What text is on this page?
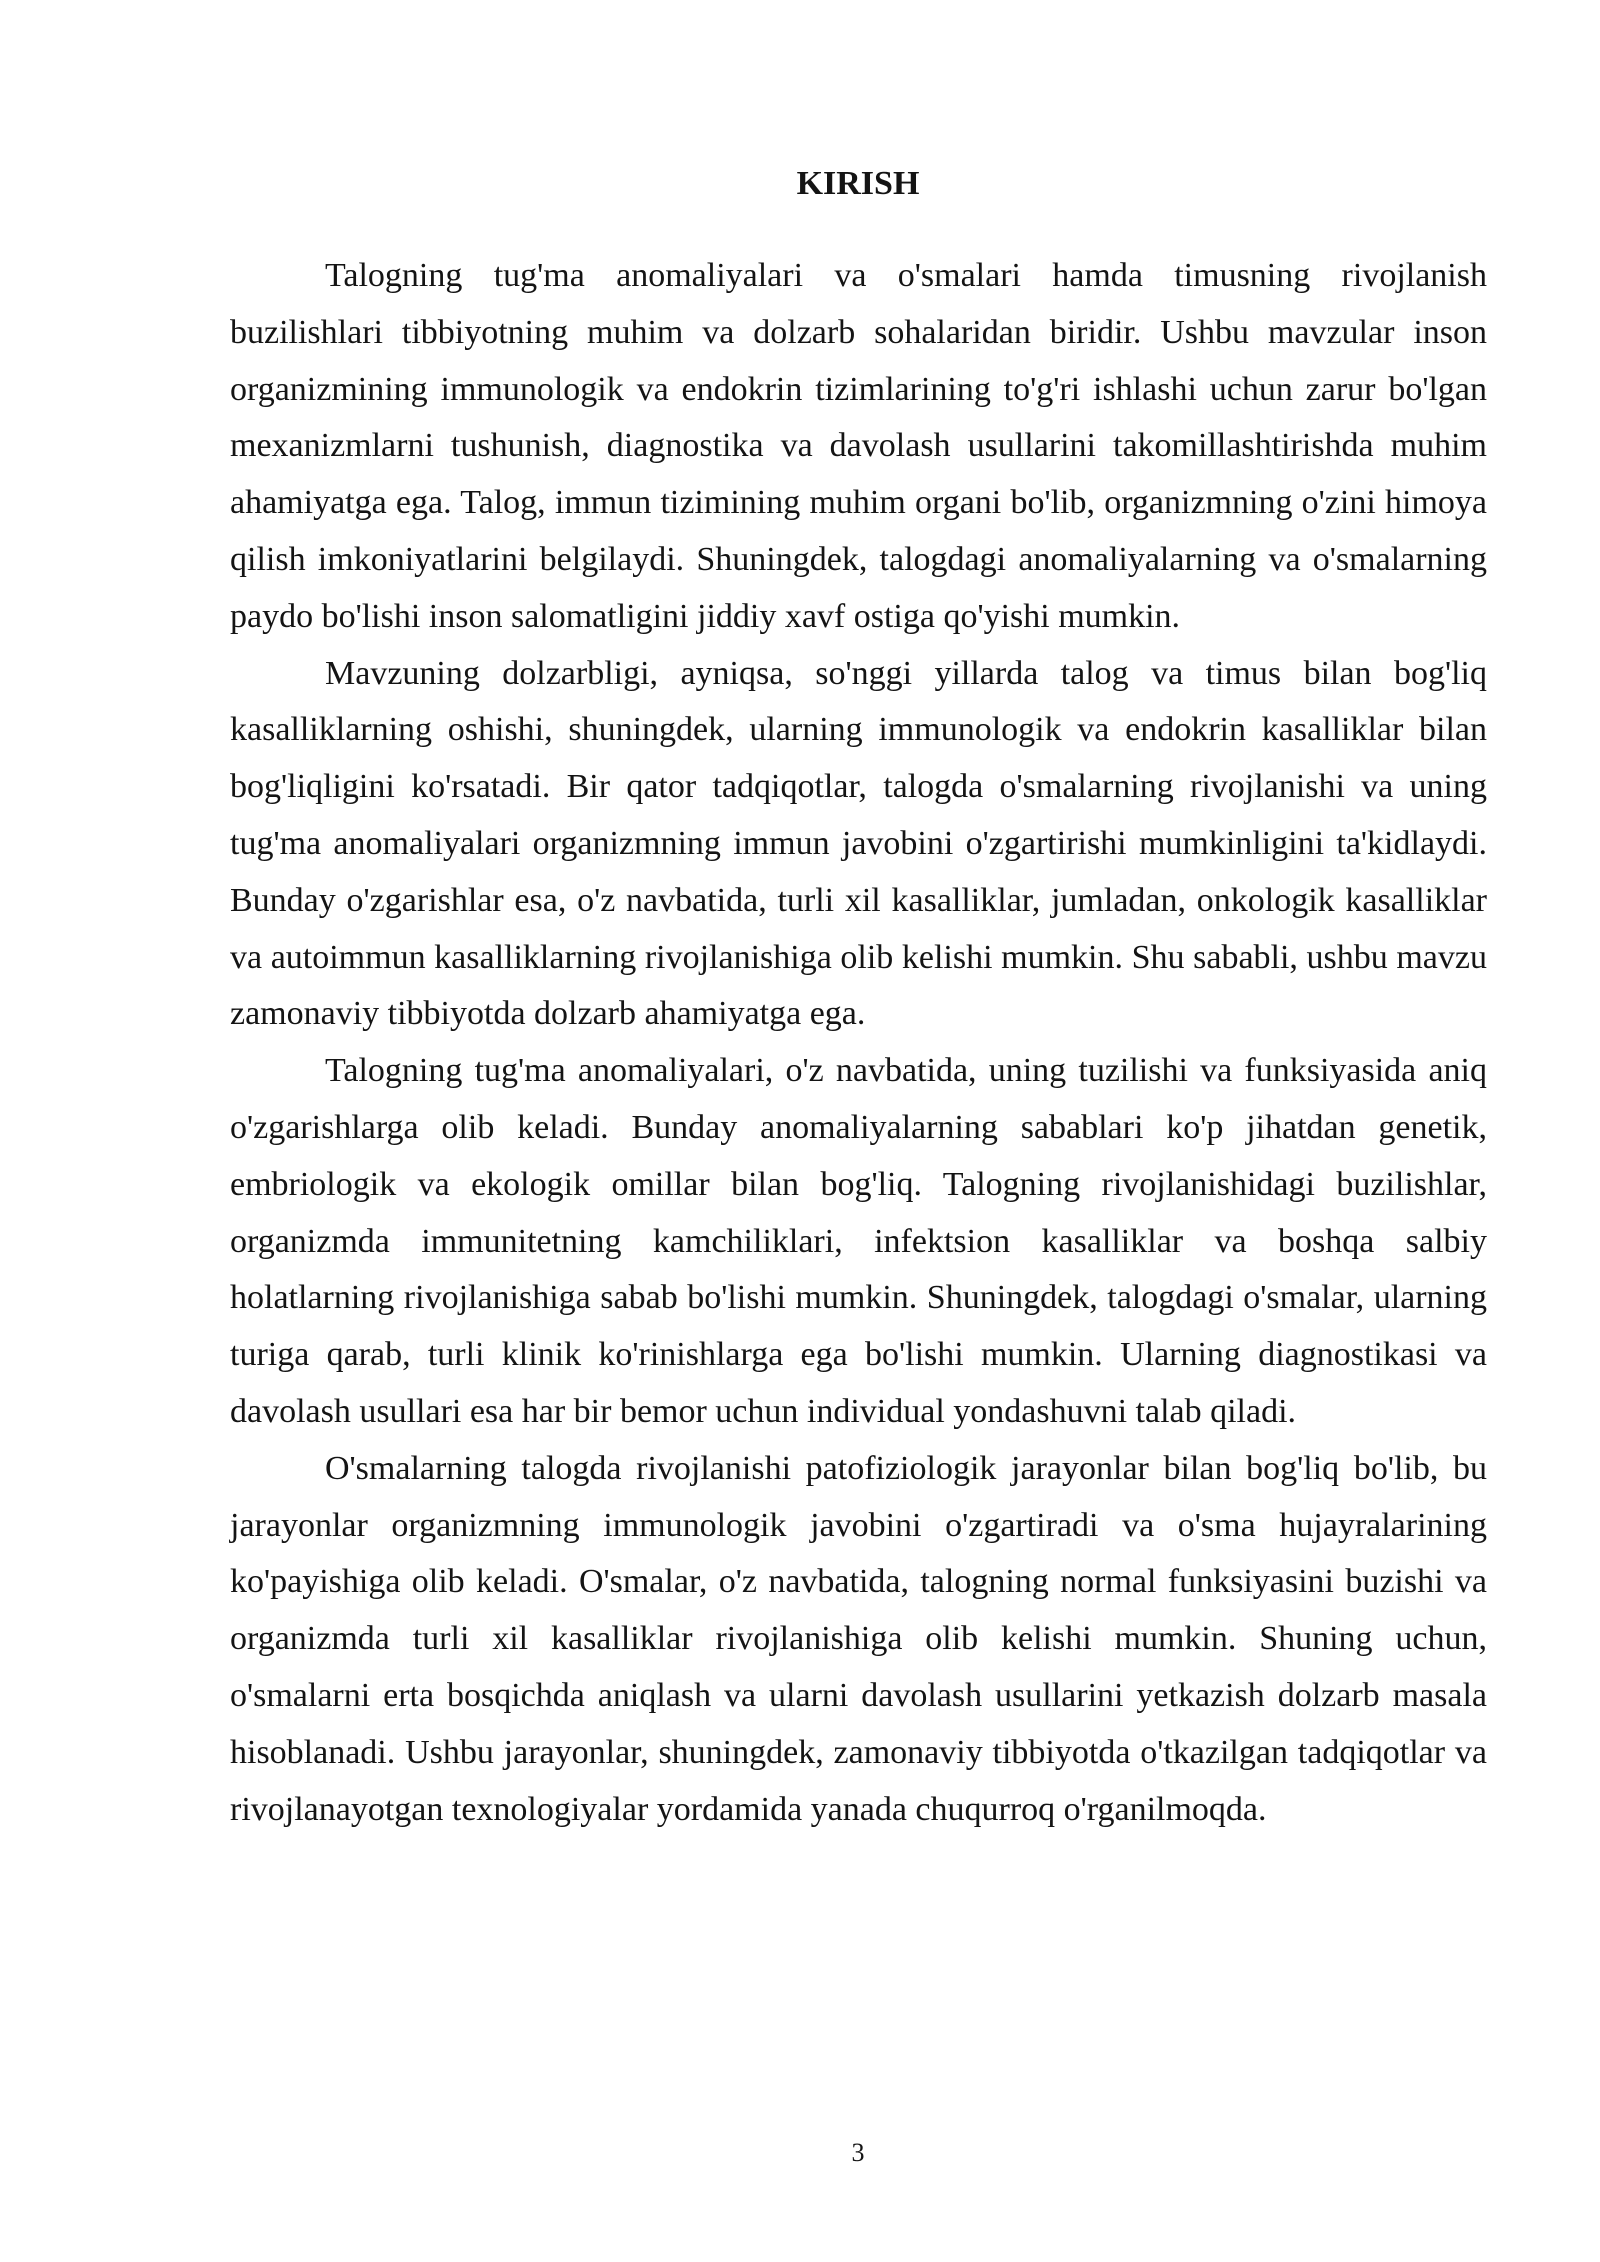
KIRISH

Talogning tug'ma anomaliyalari va o'smalari hamda timusning rivojlanish buzilishlari tibbiyotning muhim va dolzarb sohalaridan biridir. Ushbu mavzular inson organizmining immunologik va endokrin tizimlarining to'g'ri ishlashi uchun zarur bo'lgan mexanizmlarni tushunish, diagnostika va davolash usullarini takomillashtirishda muhim ahamiyatga ega. Talog, immun tizimining muhim organi bo'lib, organizmning o'zini himoya qilish imkoniyatlarini belgilaydi. Shuningdek, talogdagi anomaliyalarning va o'smalarning paydo bo'lishi inson salomatligini jiddiy xavf ostiga qo'yishi mumkin.

Mavzuning dolzarbligi, ayniqsa, so'nggi yillarda talog va timus bilan bog'liq kasalliklarning oshishi, shuningdek, ularning immunologik va endokrin kasalliklar bilan bog'liqligini ko'rsatadi. Bir qator tadqiqotlar, talogda o'smalarning rivojlanishi va uning tug'ma anomaliyalari organizmning immun javobini o'zgartirishi mumkinligini ta'kidlaydi. Bunday o'zgarishlar esa, o'z navbatida, turli xil kasalliklar, jumladan, onkologik kasalliklar va autoimmun kasalliklarning rivojlanishiga olib kelishi mumkin. Shu sababli, ushbu mavzu zamonaviy tibbiyotda dolzarb ahamiyatga ega.

Talogning tug'ma anomaliyalari, o'z navbatida, uning tuzilishi va funksiyasida aniq o'zgarishlarga olib keladi. Bunday anomaliyalarning sabablari ko'p jihatdan genetik, embriologik va ekologik omillar bilan bog'liq. Talogning rivojlanishidagi buzilishlar, organizmda immunitetning kamchiliklari, infektsion kasalliklar va boshqa salbiy holatlarning rivojlanishiga sabab bo'lishi mumkin. Shuningdek, talogdagi o'smalar, ularning turiga qarab, turli klinik ko'rinishlarga ega bo'lishi mumkin. Ularning diagnostikasi va davolash usullari esa har bir bemor uchun individual yondashuvni talab qiladi.

O'smalarning talogda rivojlanishi patofiziologik jarayonlar bilan bog'liq bo'lib, bu jarayonlar organizmning immunologik javobini o'zgartiradi va o'sma hujayralarining ko'payishiga olib keladi. O'smalar, o'z navbatida, talogning normal funksiyasini buzishi va organizmda turli xil kasalliklar rivojlanishiga olib kelishi mumkin. Shuning uchun, o'smalarni erta bosqichda aniqlash va ularni davolash usullarini yetkazish dolzarb masala hisoblanadi. Ushbu jarayonlar, shuningdek, zamonaviy tibbiyotda o'tkazilgan tadqiqotlar va rivojlanayotgan texnologiyalar yordamida yanada chuqurroq o'rganilmoqda.

3
